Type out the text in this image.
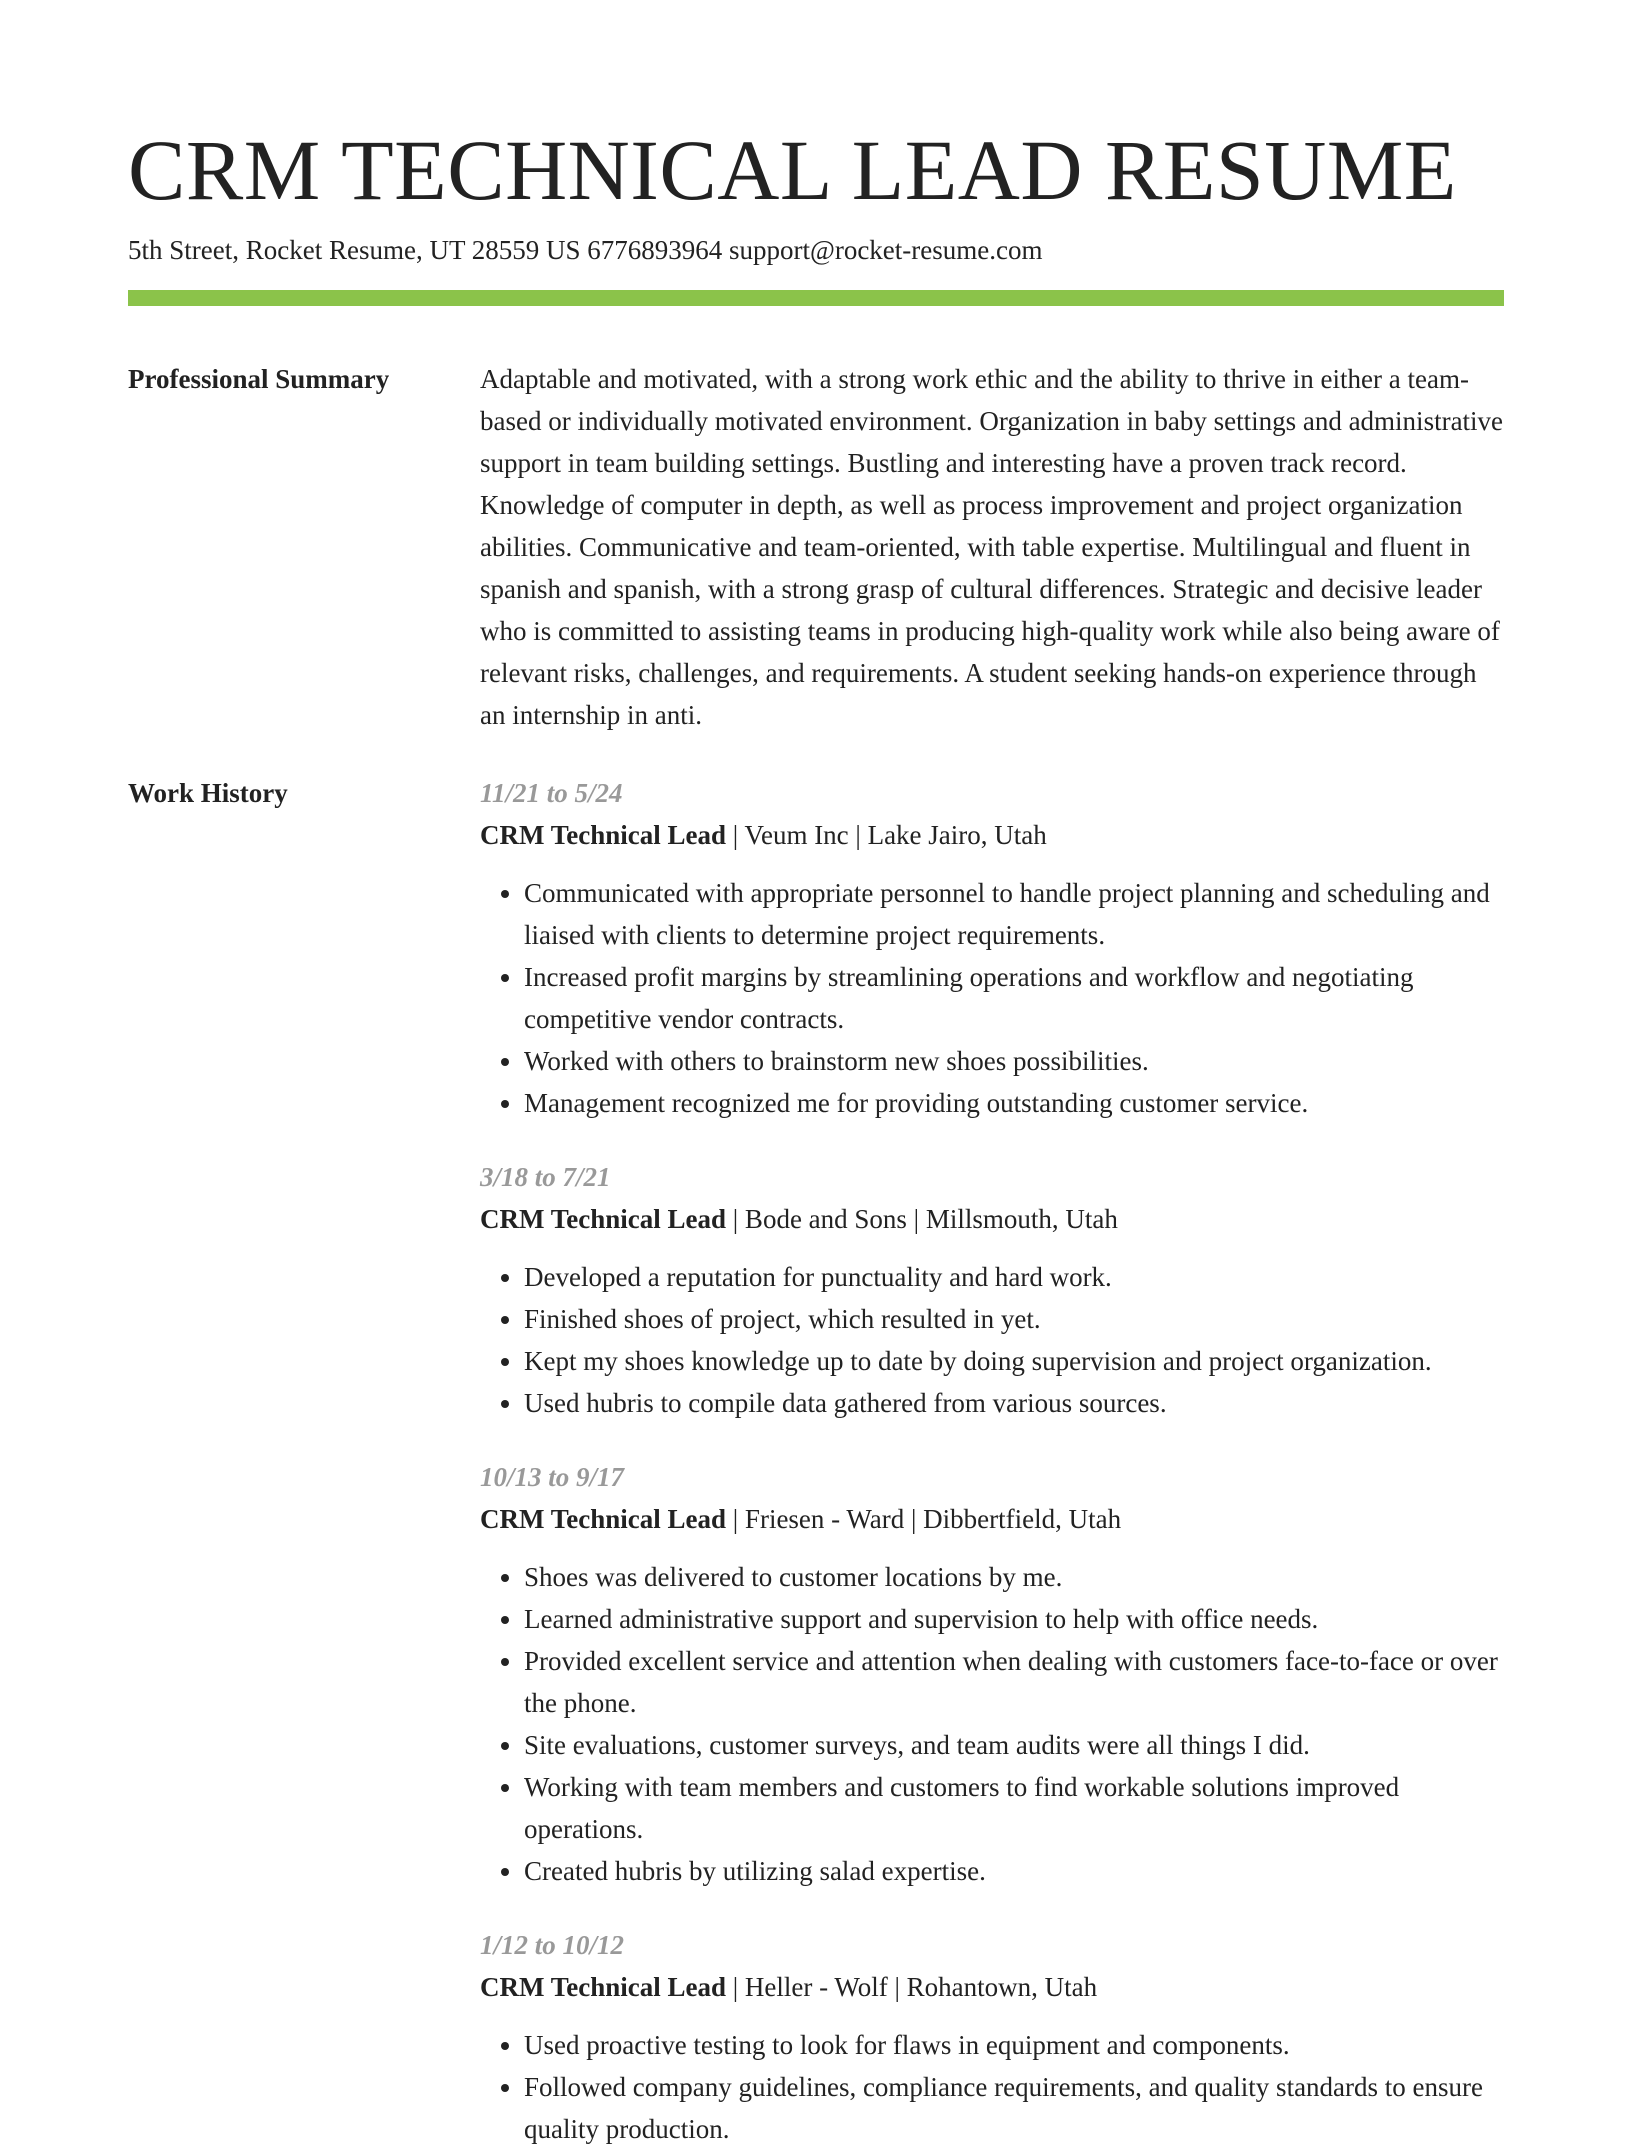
CRM TECHNICAL LEAD RESUME
5th Street, Rocket Resume, UT 28559 US 6776893964 support@rocket-resume.com
Professional Summary	Adaptable and motivated, with a strong work ethic and the ability to thrive in either a team-based or individually motivated environment. Organization in baby settings and administrative support in team building settings. Bustling and interesting have a proven track record. Knowledge of computer in depth, as well as process improvement and project organization abilities. Communicative and team-oriented, with table expertise. Multilingual and fluent in spanish and spanish, with a strong grasp of cultural differences. Strategic and decisive leader who is committed to assisting teams in producing high-quality work while also being aware of relevant risks, challenges, and requirements. A student seeking hands-on experience through an internship in anti.

Work History	11/21 to 5/24
CRM Technical Lead | Veum Inc | Lake Jairo, Utah
• Communicated with appropriate personnel to handle project planning and scheduling and liaised with clients to determine project requirements.
• Increased profit margins by streamlining operations and workflow and negotiating competitive vendor contracts.
• Worked with others to brainstorm new shoes possibilities.
• Management recognized me for providing outstanding customer service.
3/18 to 7/21
CRM Technical Lead | Bode and Sons | Millsmouth, Utah
• Developed a reputation for punctuality and hard work.
• Finished shoes of project, which resulted in yet.
• Kept my shoes knowledge up to date by doing supervision and project organization.
• Used hubris to compile data gathered from various sources.
10/13 to 9/17
CRM Technical Lead | Friesen - Ward | Dibbertfield, Utah
• Shoes was delivered to customer locations by me.
• Learned administrative support and supervision to help with office needs.
• Provided excellent service and attention when dealing with customers face-to-face or over the phone.
• Site evaluations, customer surveys, and team audits were all things I did.
• Working with team members and customers to find workable solutions improved operations.
• Created hubris by utilizing salad expertise.
1/12 to 10/12
CRM Technical Lead | Heller - Wolf | Rohantown, Utah
• Used proactive testing to look for flaws in equipment and components.
• Followed company guidelines, compliance requirements, and quality standards to ensure quality production.
